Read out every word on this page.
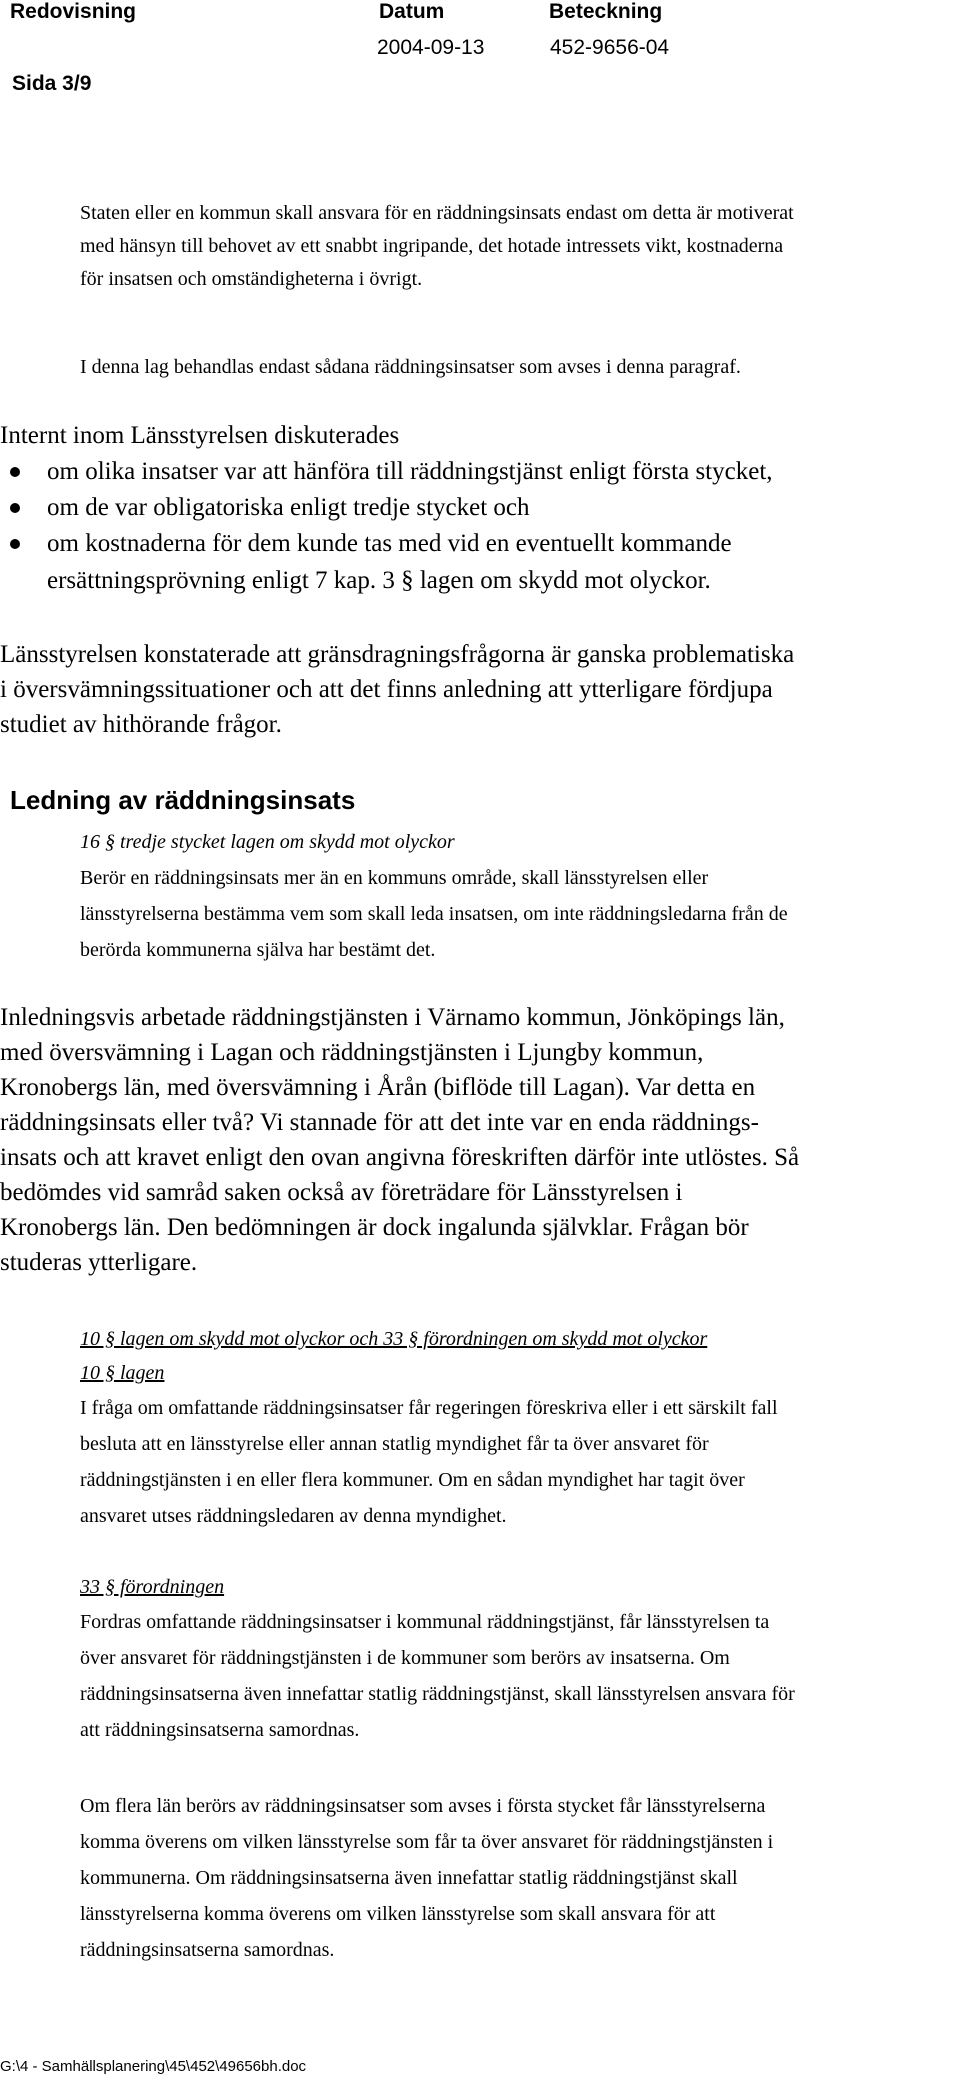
Redovisning	Datum	Beteckning
2004-09-13	452-9656-04
Sida 3/9
Staten eller en kommun skall ansvara för en räddningsinsats endast om detta är motiverat
med hänsyn till behovet av ett snabbt ingripande, det hotade intressets vikt, kostnaderna
för insatsen och omständigheterna i övrigt.
I denna lag behandlas endast sådana räddningsinsatser som avses i denna paragraf.
Internt inom Länsstyrelsen diskuterades
om olika insatser var att hänföra till räddningstjänst enligt första stycket,
om de var obligatoriska enligt tredje stycket och
om kostnaderna för dem kunde tas med vid en eventuellt kommande
ersättningsprövning enligt 7 kap. 3 § lagen om skydd mot olyckor.
Länsstyrelsen konstaterade att gränsdragningsfrågorna är ganska problematiska
i översvämningssituationer och att det finns anledning att ytterligare fördjupa
studiet av hithörande frågor.
Ledning av räddningsinsats
16 § tredje stycket lagen om skydd mot olyckor
Berör en räddningsinsats mer än en kommuns område, skall länsstyrelsen eller
länsstyrelserna bestämma vem som skall leda insatsen, om inte räddningsledarna från de
berörda kommunerna själva har bestämt det.
Inledningsvis arbetade räddningstjänsten i Värnamo kommun, Jönköpings län,
med översvämning i Lagan och räddningstjänsten i Ljungby kommun,
Kronobergs län, med översvämning i Årån (biflöde till Lagan). Var detta en
räddningsinsats eller två? Vi stannade för att det inte var en enda räddnings-
insats och att kravet enligt den ovan angivna föreskriften därför inte utlöstes. Så
bedömdes vid samråd saken också av företrädare för Länsstyrelsen i
Kronobergs län. Den bedömningen är dock ingalunda självklar. Frågan bör
studeras ytterligare.
10 § lagen om skydd mot olyckor och 33 § förordningen om skydd mot olyckor
10 § lagen
I fråga om omfattande räddningsinsatser får regeringen föreskriva eller i ett särskilt fall
besluta att en länsstyrelse eller annan statlig myndighet får ta över ansvaret för
räddningstjänsten i en eller flera kommuner. Om en sådan myndighet har tagit över
ansvaret utses räddningsledaren av denna myndighet.
33 § förordningen
Fordras omfattande räddningsinsatser i kommunal räddningstjänst, får länsstyrelsen ta
över ansvaret för räddningstjänsten i de kommuner som berörs av insatserna. Om
räddningsinsatserna även innefattar statlig räddningstjänst, skall länsstyrelsen ansvara för
att räddningsinsatserna samordnas.
Om flera län berörs av räddningsinsatser som avses i första stycket får länsstyrelserna
komma överens om vilken länsstyrelse som får ta över ansvaret för räddningstjänsten i
kommunerna. Om räddningsinsatserna även innefattar statlig räddningstjänst skall
länsstyrelserna komma överens om vilken länsstyrelse som skall ansvara för att
räddningsinsatserna samordnas.
G:\4 - Samhällsplanering\45\452\49656bh.doc
